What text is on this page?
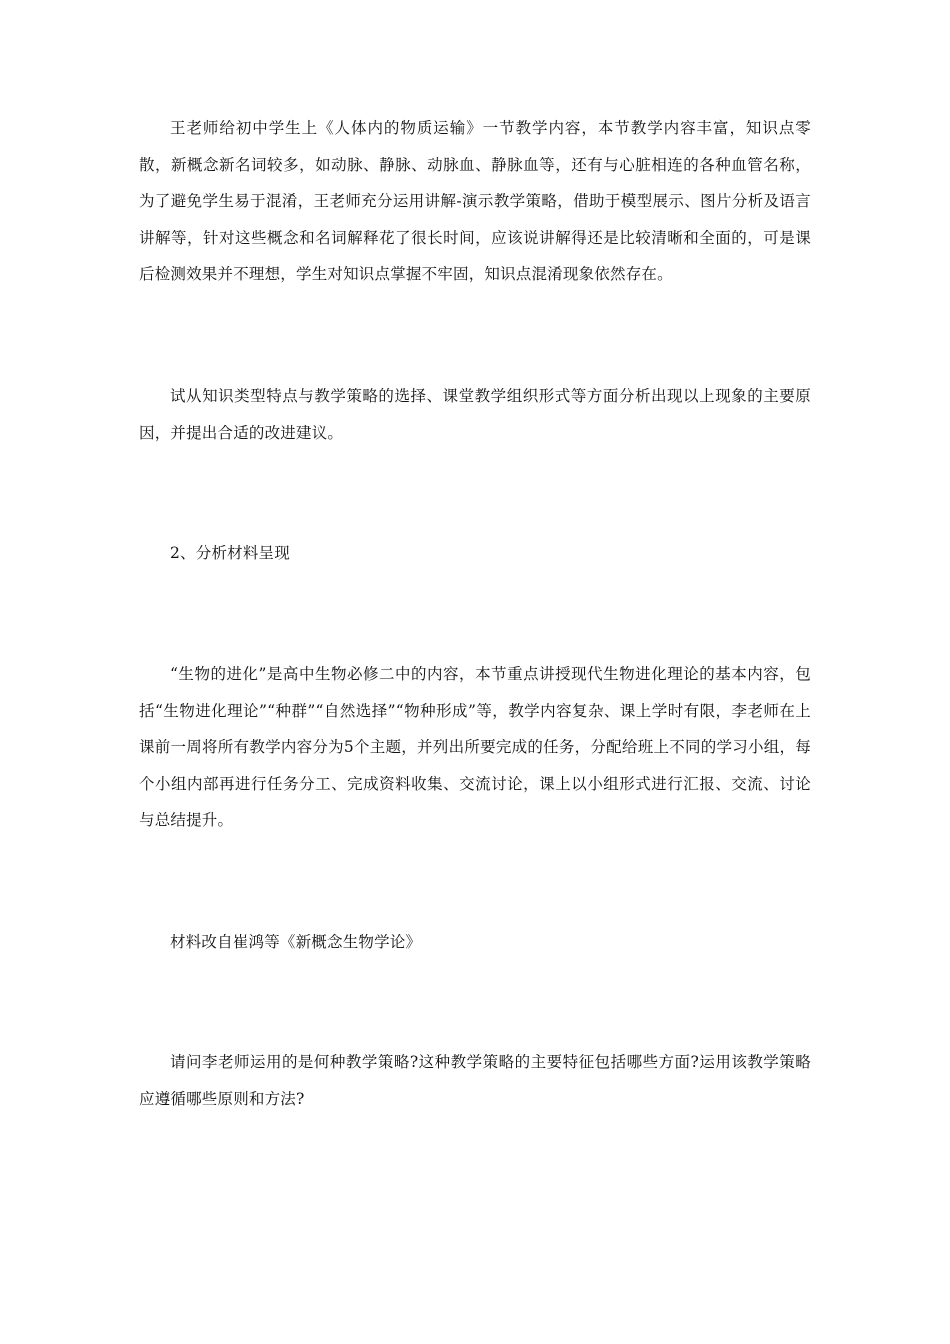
王老师给初中学生上《人体内的物质运输》一节教学内容，本节教学内容丰富，知识点零散，新概念新名词较多，如动脉、静脉、动脉血、静脉血等，还有与心脏相连的各种血管名称，为了避免学生易于混淆，王老师充分运用讲解-演示教学策略，借助于模型展示、图片分析及语言讲解等，针对这些概念和名词解释花了很长时间，应该说讲解得还是比较清晰和全面的，可是课后检测效果并不理想，学生对知识点掌握不牢固，知识点混淆现象依然存在。

试从知识类型特点与教学策略的选择、课堂教学组织形式等方面分析出现以上现象的主要原因，并提出合适的改进建议。

2、分析材料呈现

“生物的进化”是高中生物必修二中的内容，本节重点讲授现代生物进化理论的基本内容，包括“生物进化理论”“种群”“自然选择”“物种形成”等，教学内容复杂、课上学时有限，李老师在上课前一周将所有教学内容分为5个主题，并列出所要完成的任务，分配给班上不同的学习小组，每个小组内部再进行任务分工、完成资料收集、交流讨论，课上以小组形式进行汇报、交流、讨论与总结提升。

材料改自崔鸿等《新概念生物学论》

请问李老师运用的是何种教学策略?这种教学策略的主要特征包括哪些方面?运用该教学策略应遵循哪些原则和方法?
